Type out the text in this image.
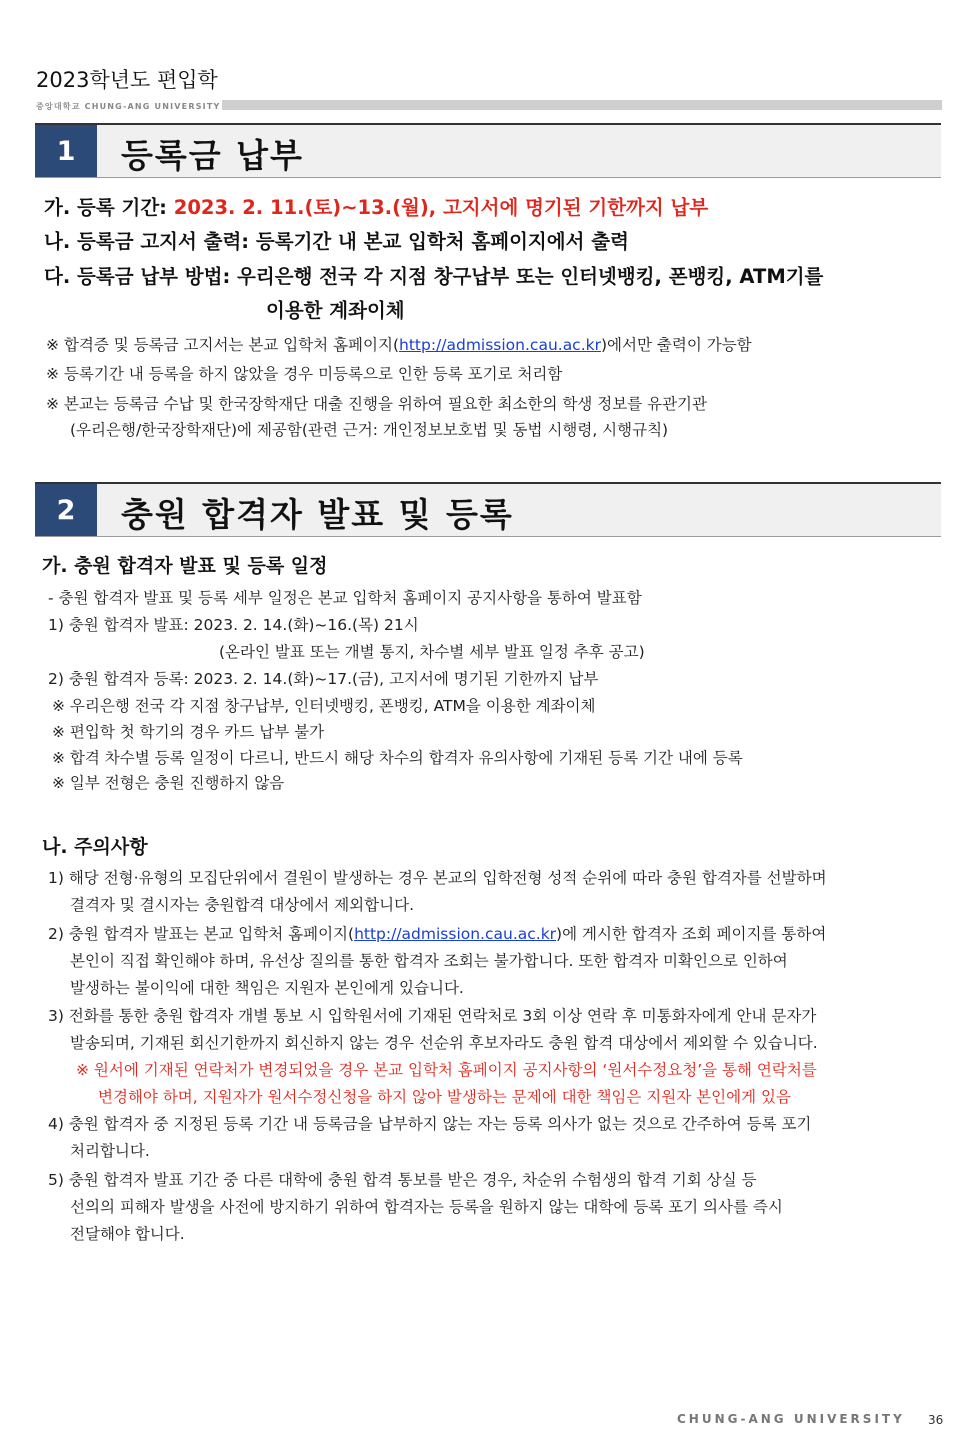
2023학년도 편입학
중앙대학교 CHUNG-ANG UNIVERSITY
1	등록금 납부
가. 등록 기간: 2023. 2. 11.(토)~13.(월), 고지서에 명기된 기한까지 납부
나. 등록금 고지서 출력: 등록기간 내 본교 입학처 홈페이지에서 출력
다. 등록금 납부 방법: 우리은행 전국 각 지점 창구납부 또는 인터넷뱅킹, 폰뱅킹, ATM기를
이용한 계좌이체
※ 합격증 및 등록금 고지서는 본교 입학처 홈페이지(http://admission.cau.ac.kr)에서만 출력이 가능함
※ 등록기간 내 등록을 하지 않았을 경우 미등록으로 인한 등록 포기로 처리함
※ 본교는 등록금 수납 및 한국장학재단 대출 진행을 위하여 필요한 최소한의 학생 정보를 유관기관
(우리은행/한국장학재단)에 제공함(관련 근거: 개인정보보호법 및 동법 시행령, 시행규칙)
2	충원 합격자 발표 및 등록
가. 충원 합격자 발표 및 등록 일정
- 충원 합격자 발표 및 등록 세부 일정은 본교 입학처 홈페이지 공지사항을 통하여 발표함
1) 충원 합격자 발표: 2023. 2. 14.(화)~16.(목) 21시
(온라인 발표 또는 개별 통지, 차수별 세부 발표 일정 추후 공고)
2) 충원 합격자 등록: 2023. 2. 14.(화)~17.(금), 고지서에 명기된 기한까지 납부
※ 우리은행 전국 각 지점 창구납부, 인터넷뱅킹, 폰뱅킹, ATM을 이용한 계좌이체
※ 편입학 첫 학기의 경우 카드 납부 불가
※ 합격 차수별 등록 일정이 다르니, 반드시 해당 차수의 합격자 유의사항에 기재된 등록 기간 내에 등록
※ 일부 전형은 충원 진행하지 않음
나. 주의사항
1) 해당 전형·유형의 모집단위에서 결원이 발생하는 경우 본교의 입학전형 성적 순위에 따라 충원 합격자를 선발하며
결격자 및 결시자는 충원합격 대상에서 제외합니다.
2) 충원 합격자 발표는 본교 입학처 홈페이지(http://admission.cau.ac.kr)에 게시한 합격자 조회 페이지를 통하여
본인이 직접 확인해야 하며, 유선상 질의를 통한 합격자 조회는 불가합니다. 또한 합격자 미확인으로 인하여
발생하는 불이익에 대한 책임은 지원자 본인에게 있습니다.
3) 전화를 통한 충원 합격자 개별 통보 시 입학원서에 기재된 연락처로 3회 이상 연락 후 미통화자에게 안내 문자가
발송되며, 기재된 회신기한까지 회신하지 않는 경우 선순위 후보자라도 충원 합격 대상에서 제외할 수 있습니다.
※ 원서에 기재된 연락처가 변경되었을 경우 본교 입학처 홈페이지 공지사항의 ‘원서수정요청’을 통해 연락처를
변경해야 하며, 지원자가 원서수정신청을 하지 않아 발생하는 문제에 대한 책임은 지원자 본인에게 있음
4) 충원 합격자 중 지정된 등록 기간 내 등록금을 납부하지 않는 자는 등록 의사가 없는 것으로 간주하여 등록 포기
처리합니다.
5) 충원 합격자 발표 기간 중 다른 대학에 충원 합격 통보를 받은 경우, 차순위 수험생의 합격 기회 상실 등
선의의 피해자 발생을 사전에 방지하기 위하여 합격자는 등록을 원하지 않는 대학에 등록 포기 의사를 즉시
전달해야 합니다.
CHUNG-ANG UNIVERSITY 36
